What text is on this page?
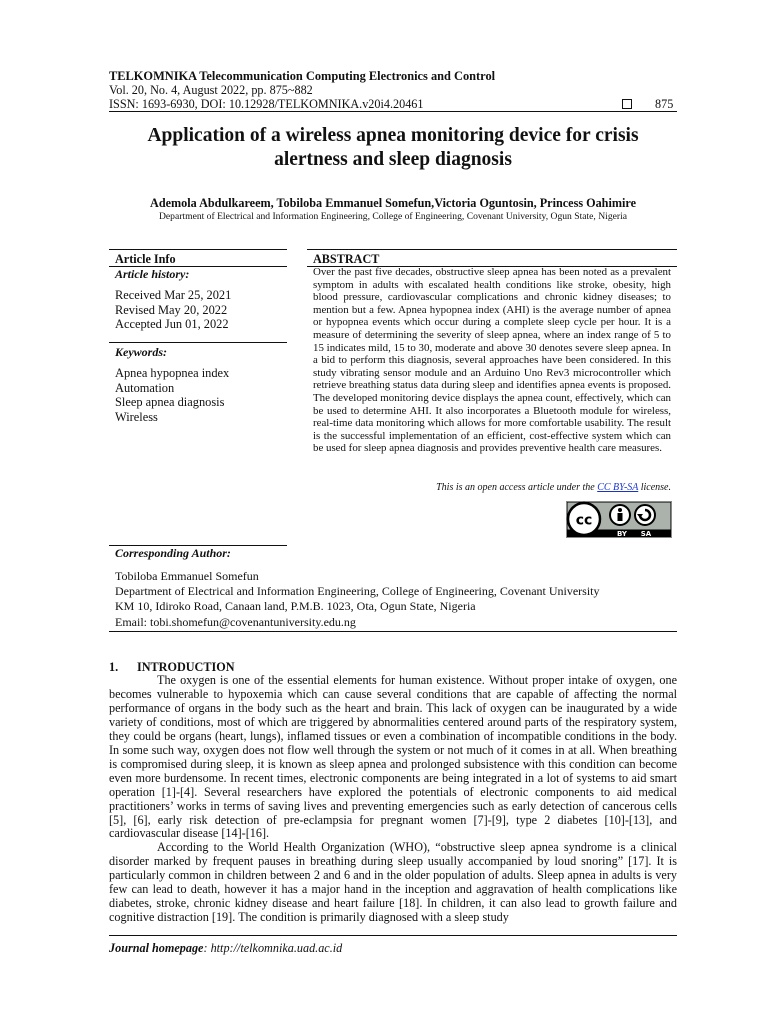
TELKOMNIKA Telecommunication Computing Electronics and Control
Vol. 20, No. 4, August 2022, pp. 875~882
ISSN: 1693-6930, DOI: 10.12928/TELKOMNIKA.v20i4.20461	875
Application of a wireless apnea monitoring device for crisis alertness and sleep diagnosis
Ademola Abdulkareem, Tobiloba Emmanuel Somefun,Victoria Oguntosin, Princess Oahimire
Department of Electrical and Information Engineering, College of Engineering, Covenant University, Ogun State, Nigeria
Article Info	ABSTRACT
Article history:
Received Mar 25, 2021
Revised May 20, 2022
Accepted Jun 01, 2022
Keywords:
Apnea hypopnea index
Automation
Sleep apnea diagnosis
Wireless
Over the past five decades, obstructive sleep apnea has been noted as a prevalent symptom in adults with escalated health conditions like stroke, obesity, high blood pressure, cardiovascular complications and chronic kidney diseases; to mention but a few. Apnea hypopnea index (AHI) is the average number of apnea or hypopnea events which occur during a complete sleep cycle per hour. It is a measure of determining the severity of sleep apnea, where an index range of 5 to 15 indicates mild, 15 to 30, moderate and above 30 denotes severe sleep apnea. In a bid to perform this diagnosis, several approaches have been considered. In this study vibrating sensor module and an Arduino Uno Rev3 microcontroller which retrieve breathing status data during sleep and identifies apnea events is proposed. The developed monitoring device displays the apnea count, effectively, which can be used to determine AHI. It also incorporates a Bluetooth module for wireless, real-time data monitoring which allows for more comfortable usability. The result is the successful implementation of an efficient, cost-effective system which can be used for sleep apnea diagnosis and provides preventive health care measures.
This is an open access article under the CC BY-SA license.
cc
BY SA
Corresponding Author:
Tobiloba Emmanuel Somefun
Department of Electrical and Information Engineering, College of Engineering, Covenant University
KM 10, Idiroko Road, Canaan land, P.M.B. 1023, Ota, Ogun State, Nigeria
Email: tobi.shomefun@covenantuniversity.edu.ng
1. INTRODUCTION

The oxygen is one of the essential elements for human existence. Without proper intake of oxygen, one becomes vulnerable to hypoxemia which can cause several conditions that are capable of affecting the normal performance of organs in the body such as the heart and brain. This lack of oxygen can be inaugurated by a wide variety of conditions, most of which are triggered by abnormalities centered around parts of the respiratory system, they could be organs (heart, lungs), inflamed tissues or even a combination of incompatible conditions in the body. In some such way, oxygen does not flow well through the system or not much of it comes in at all. When breathing is compromised during sleep, it is known as sleep apnea and prolonged subsistence with this condition can become even more burdensome. In recent times, electronic components are being integrated in a lot of systems to aid smart operation [1]-[4]. Several researchers have explored the potentials of electronic components to aid medical practitioners’ works in terms of saving lives and preventing emergencies such as early detection of cancerous cells [5], [6], early risk detection of pre-eclampsia for pregnant women [7]-[9], type 2 diabetes [10]-[13], and cardiovascular disease [14]-[16].

According to the World Health Organization (WHO), “obstructive sleep apnea syndrome is a clinical disorder marked by frequent pauses in breathing during sleep usually accompanied by loud snoring” [17]. It is particularly common in children between 2 and 6 and in the older population of adults. Sleep apnea in adults is very few can lead to death, however it has a major hand in the inception and aggravation of health complications like diabetes, stroke, chronic kidney disease and heart failure [18]. In children, it can also lead to growth failure and cognitive distraction [19]. The condition is primarily diagnosed with a sleep study

Journal homepage: http://telkomnika.uad.ac.id
